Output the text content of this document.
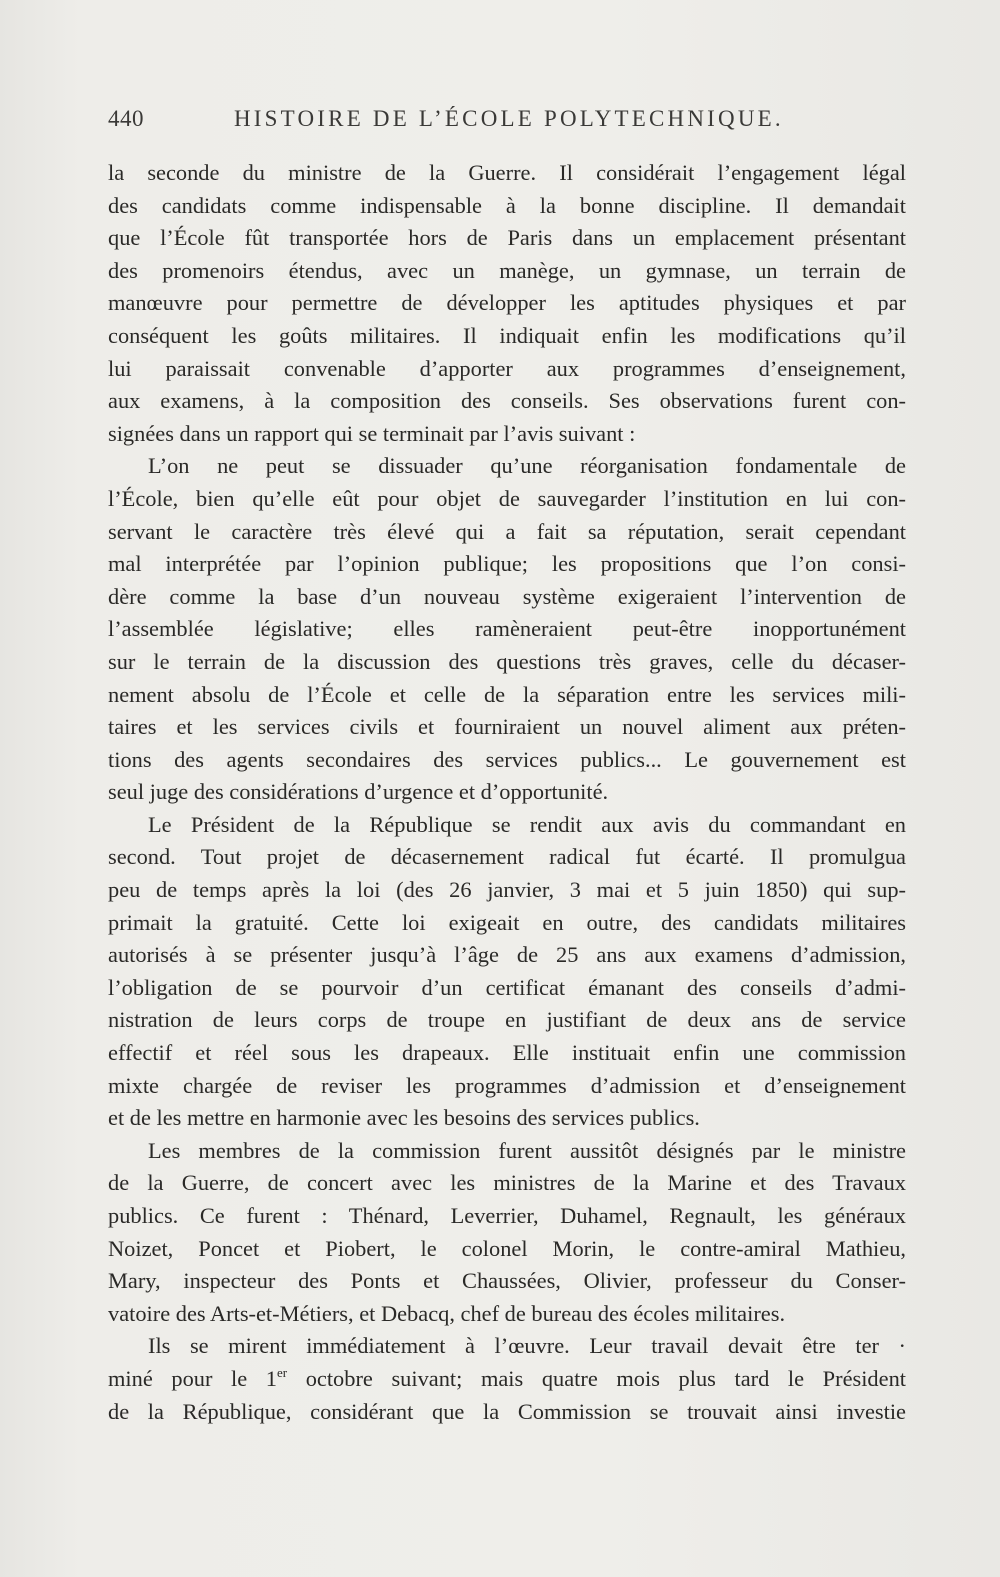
440	HISTOIRE DE L’ÉCOLE POLYTECHNIQUE.
la seconde du ministre de la Guerre. Il considérait l’engagement légal
des candidats comme indispensable à la bonne discipline. Il demandait
que l’École fût transportée hors de Paris dans un emplacement présentant
des promenoirs étendus, avec un manège, un gymnase, un terrain de
manœuvre pour permettre de développer les aptitudes physiques et par
conséquent les goûts militaires. Il indiquait enfin les modifications qu’il
lui paraissait convenable d’apporter aux programmes d’enseignement,
aux examens, à la composition des conseils. Ses observations furent con-
signées dans un rapport qui se terminait par l’avis suivant :
L’on ne peut se dissuader qu’une réorganisation fondamentale de
l’École, bien qu’elle eût pour objet de sauvegarder l’institution en lui con-
servant le caractère très élevé qui a fait sa réputation, serait cependant
mal interprétée par l’opinion publique; les propositions que l’on consi-
dère comme la base d’un nouveau système exigeraient l’intervention de
l’assemblée législative; elles ramèneraient peut-être inopportunément
sur le terrain de la discussion des questions très graves, celle du décaser-
nement absolu de l’École et celle de la séparation entre les services mili-
taires et les services civils et fourniraient un nouvel aliment aux préten-
tions des agents secondaires des services publics... Le gouvernement est
seul juge des considérations d’urgence et d’opportunité.
Le Président de la République se rendit aux avis du commandant en
second. Tout projet de décasernement radical fut écarté. Il promulgua
peu de temps après la loi (des 26 janvier, 3 mai et 5 juin 1850) qui sup-
primait la gratuité. Cette loi exigeait en outre, des candidats militaires
autorisés à se présenter jusqu’à l’âge de 25 ans aux examens d’admission,
l’obligation de se pourvoir d’un certificat émanant des conseils d’admi-
nistration de leurs corps de troupe en justifiant de deux ans de service
effectif et réel sous les drapeaux. Elle instituait enfin une commission
mixte chargée de reviser les programmes d’admission et d’enseignement
et de les mettre en harmonie avec les besoins des services publics.
Les membres de la commission furent aussitôt désignés par le ministre
de la Guerre, de concert avec les ministres de la Marine et des Travaux
publics. Ce furent : Thénard, Leverrier, Duhamel, Regnault, les généraux
Noizet, Poncet et Piobert, le colonel Morin, le contre-amiral Mathieu,
Mary, inspecteur des Ponts et Chaussées, Olivier, professeur du Conser-
vatoire des Arts-et-Métiers, et Debacq, chef de bureau des écoles militaires.
Ils se mirent immédiatement à l’œuvre. Leur travail devait être ter ·
miné pour le 1er octobre suivant; mais quatre mois plus tard le Président
de la République, considérant que la Commission se trouvait ainsi investie
